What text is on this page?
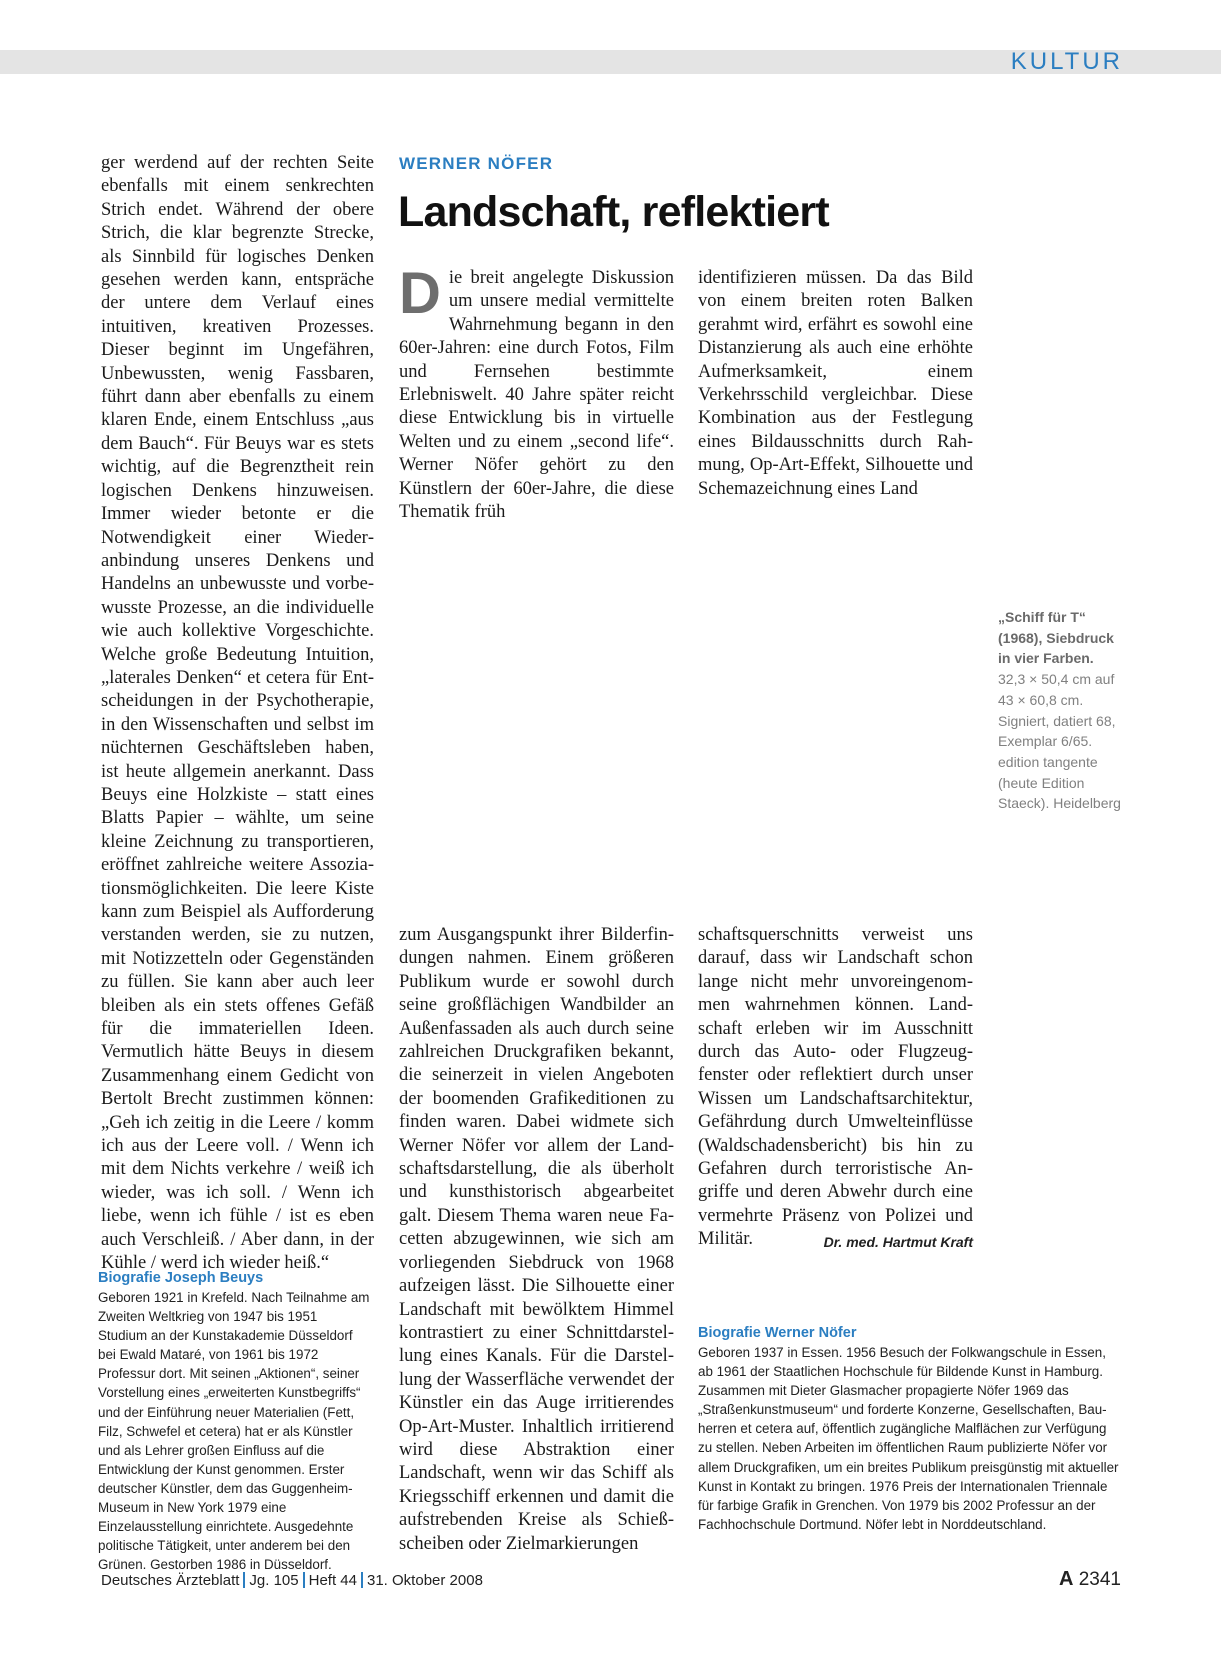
KULTUR

ger werdend auf der rechten Seite ebenfalls mit einem senkrechten Strich endet. Während der obere Strich, die klar begrenzte Strecke, als Sinnbild für logisches Denken gesehen werden kann, entspräche der untere dem Verlauf eines intuitiven, kreativen Prozesses. Dieser beginnt im Ungefähren, Unbewussten, wenig Fassbaren, führt dann aber ebenfalls zu einem klaren Ende, einem Entschluss „aus dem Bauch“. Für Beuys war es stets wichtig, auf die Begrenztheit rein logischen Denkens hinzuweisen. Immer wieder betonte er die Notwendigkeit einer Wiederanbindung unseres Denkens und Handelns an unbewusste und vorbewusste Prozesse, an die individuelle wie auch kollektive Vorgeschichte. Welche große Bedeutung Intuition, „laterales Denken“ et cetera für Entscheidungen in der Psychotherapie, in den Wissenschaften und selbst im nüchternen Geschäftsleben haben, ist heute allgemein anerkannt. Dass Beuys eine Holzkiste – statt eines Blatts Papier – wählte, um seine kleine Zeichnung zu transportieren, eröffnet zahlreiche weitere Assoziationsmöglichkeiten. Die leere Kiste kann zum Beispiel als Aufforderung verstanden werden, sie zu nutzen, mit Notizzetteln oder Gegenständen zu füllen. Sie kann aber auch leer bleiben als ein stets offenes Gefäß für die immateriellen Ideen. Vermutlich hätte Beuys in diesem Zusammenhang einem Gedicht von Bertolt Brecht zustimmen können: „Geh ich zeitig in die Leere / komm ich aus der Leere voll. / Wenn ich mit dem Nichts verkehre / weiß ich wieder, was ich soll. / Wenn ich liebe, wenn ich fühle / ist es eben auch Verschleiß. / Aber dann, in der Kühle / werd ich wieder heiß.“

WERNER NÖFER
Landschaft, reflektiert
D ie breit angelegte Diskussion um unsere medial vermittelte Wahrnehmung begann in den 60er-Jahren: eine durch Fotos, Film und Fernsehen bestimmte Erlebniswelt. 40 Jahre später reicht diese Entwicklung bis in virtuelle Welten und zu einem „second life“. Werner Nöfer gehört zu den Künstlern der 60er-Jahre, die diese Thematik früh

identifizieren müssen. Da das Bild von einem breiten roten Balken gerahmt wird, erfährt es sowohl eine Distanzierung als auch eine erhöhte Aufmerksamkeit, einem Verkehrsschild vergleichbar. Diese Kombination aus der Festlegung eines Bildausschnitts durch Rahmung, Op-Art-Effekt, Silhouette und Schemazeichnung eines Land

„Schiff für T“ (1968), Siebdruck in vier Farben.
32,3 × 50,4 cm auf 43 × 60,8 cm. Signiert, datiert 68, Exemplar 6/65. edition tangente (heute Edition Staeck). Heidelberg

zum Ausgangspunkt ihrer Bilderfindungen nahmen. Einem größeren Publikum wurde er sowohl durch seine großflächigen Wandbilder an Außenfassaden als auch durch seine zahlreichen Druckgrafiken bekannt, die seinerzeit in vielen Angeboten der boomenden Grafikeditionen zu finden waren. Dabei widmete sich Werner Nöfer vor allem der Landschaftsdarstellung, die als überholt und kunsthistorisch abgearbeitet galt. Diesem Thema waren neue Facetten abzugewinnen, wie sich am vorliegenden Siebdruck von 1968 aufzeigen lässt. Die Silhouette einer Landschaft mit bewölktem Himmel kontrastiert zu einer Schnittdarstellung eines Kanals. Für die Darstellung der Wasserfläche verwendet der Künstler ein das Auge irritierendes Op-Art-Muster. Inhaltlich irritierend wird diese Abstraktion einer Landschaft, wenn wir das Schiff als Kriegsschiff erkennen und damit die aufstrebenden Kreise als Schießscheiben oder Zielmarkierungen

schaftsquerschnitts verweist uns darauf, dass wir Landschaft schon lange nicht mehr unvoreingenommen wahrnehmen können. Landschaft erleben wir im Ausschnitt durch das Auto- oder Flugzeugfenster oder reflektiert durch unser Wissen um Landschaftsarchitektur, Gefährdung durch Umwelteinflüsse (Waldschadensbericht) bis hin zu Gefahren durch terroristische Angriffe und deren Abwehr durch eine vermehrte Präsenz von Polizei und Militär.	Dr. med. Hartmut Kraft

Biografie Joseph Beuys
Geboren 1921 in Krefeld. Nach Teilnahme am Zweiten Weltkrieg von 1947 bis 1951 Studium an der Kunstakademie Düsseldorf bei Ewald Mataré, von 1961 bis 1972 Professur dort. Mit seinen „Aktionen“, seiner Vorstellung eines „erweiterten Kunstbegriffs“ und der Einführung neuer Materialien (Fett, Filz, Schwefel et cetera) hat er als Künstler und als Lehrer großen Einfluss auf die Entwicklung der Kunst genommen. Erster deutscher Künstler, dem das Guggenheim-Museum in New York 1979 eine Einzelausstellung einrichtete. Ausgedehnte politische Tätigkeit, unter anderem bei den Grünen. Gestorben 1986 in Düsseldorf.
Biografie Werner Nöfer
Geboren 1937 in Essen. 1956 Besuch der Folkwangschule in Essen, ab 1961 der Staatlichen Hochschule für Bildende Kunst in Hamburg. Zusammen mit Dieter Glasmacher propagierte Nöfer 1969 das „Straßenkunstmuseum“ und forderte Konzerne, Gesellschaften, Bauherren et cetera auf, öffentlich zugängliche Malflächen zur Verfügung zu stellen. Neben Arbeiten im öffentlichen Raum publizierte Nöfer vor allem Druckgrafiken, um ein breites Publikum preisgünstig mit aktueller Kunst in Kontakt zu bringen. 1976 Preis der Internationalen Triennale für farbige Grafik in Grenchen. Von 1979 bis 2002 Professur an der Fachhochschule Dortmund. Nöfer lebt in Norddeutschland.
Deutsches Ärzteblatt Jg. 105 Heft 44 31. Oktober 2008	A 2341
